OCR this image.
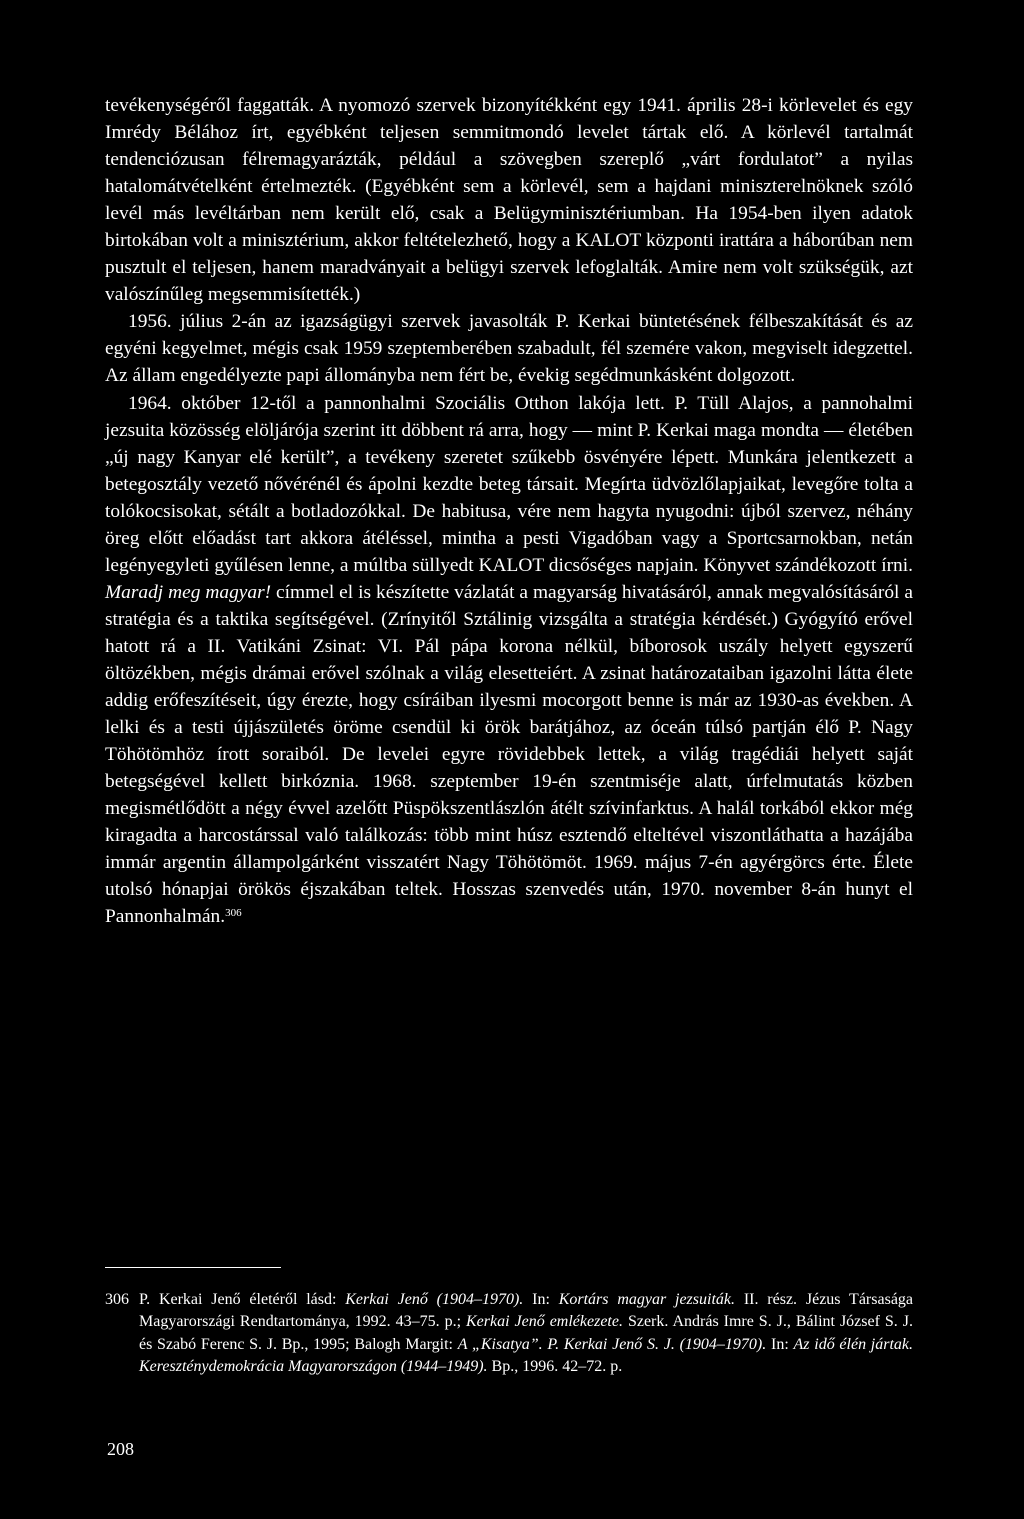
tevékenységéről faggatták. A nyomozó szervek bizonyítékként egy 1941. április 28-i körlevelet és egy Imrédy Bélához írt, egyébként teljesen semmitmondó levelet tártak elő. A körlevél tartalmát tendenciózusan félremagyarázták, például a szövegben szereplő „várt fordulatot” a nyilas hatalomátvételként értelmezték. (Egyébként sem a körlevél, sem a hajdani miniszterelnöknek szóló levél más levéltárban nem került elő, csak a Belügyminisztériumban. Ha 1954-ben ilyen adatok birtokában volt a minisztérium, akkor feltételezhető, hogy a KALOT központi irattára a háborúban nem pusztult el teljesen, hanem maradványait a belügyi szervek lefoglalták. Amire nem volt szükségük, azt valószínűleg megsemmisítették.)

1956. július 2-án az igazságügyi szervek javasolták P. Kerkai büntetésének félbeszakítását és az egyéni kegyelmet, mégis csak 1959 szeptemberében szabadult, fél szemére vakon, megviselt idegzettel. Az állam engedélyezte papi állományba nem fért be, évekig segédmunkásként dolgozott.

1964. október 12-től a pannonhalmi Szociális Otthon lakója lett. P. Tüll Alajos, a pannohalmi jezsuita közösség elöljárója szerint itt döbbent rá arra, hogy — mint P. Kerkai maga mondta — életében „új nagy Kanyar elé került”, a tevékeny szeretet szűkebb ösvényére lépett. Munkára jelentkezett a betegosztály vezető nővérénél és ápolni kezdte beteg társait. Megírta üdvözlőlapjaikat, levegőre tolta a tolókocsisokat, sétált a botladozókkal. De habitusa, vére nem hagyta nyugodni: újból szervez, néhány öreg előtt előadást tart akkora átéléssel, mintha a pesti Vigadóban vagy a Sportcsarnokban, netán legényegyleti gyűlésen lenne, a múltba süllyedt KALOT dicsőséges napjain. Könyvet szándékozott írni. Maradj meg magyar! címmel el is készítette vázlatát a magyarság hivatásáról, annak megvalósításáról a stratégia és a taktika segítségével. (Zrínyitől Sztálinig vizsgálta a stratégia kérdését.) Gyógyító erővel hatott rá a II. Vatikáni Zsinat: VI. Pál pápa korona nélkül, bíborosok uszály helyett egyszerű öltözékben, mégis drámai erővel szólnak a világ elesetteiért. A zsinat határozataiban igazolni látta élete addig erőfeszítéseit, úgy érezte, hogy csíráiban ilyesmi mocorgott benne is már az 1930-as években. A lelki és a testi újjászületés öröme csendül ki örök barátjához, az óceán túlsó partján élő P. Nagy Töhötömhöz írott soraiból. De levelei egyre rövidebbek lettek, a világ tragédiái helyett saját betegségével kellett birkóznia. 1968. szeptember 19-én szentmiséje alatt, úrfelmutatás közben megismétlődött a négy évvel azelőtt Püspökszentlászlón átélt szívinfarktus. A halál torkából ekkor még kiragadta a harcostárssal való találkozás: több mint húsz esztendő elteltével viszontláthatta a hazájába immár argentin állampolgárként visszatért Nagy Töhötömöt. 1969. május 7-én agyérgörcs érte. Élete utolsó hónapjai örökös éjszakában teltek. Hosszas szenvedés után, 1970. november 8-án hunyt el Pannonhalmán.$^{306}$

306 P. Kerkai Jenő életéről lásd: Kerkai Jenő (1904–1970). In: Kortárs magyar jezsuiták. II. rész. Jézus Társasága Magyarországi Rendtartománya, 1992. 43–75. p.; Kerkai Jenő emlékezete. Szerk. András Imre S. J., Bálint József S. J. és Szabó Ferenc S. J. Bp., 1995; Balogh Margit: A „Kisatya”. P. Kerkai Jenő S. J. (1904–1970). In: Az idő élén jártak. Kereszténydemokrácia Magyarországon (1944–1949). Bp., 1996. 42–72. p.

208
